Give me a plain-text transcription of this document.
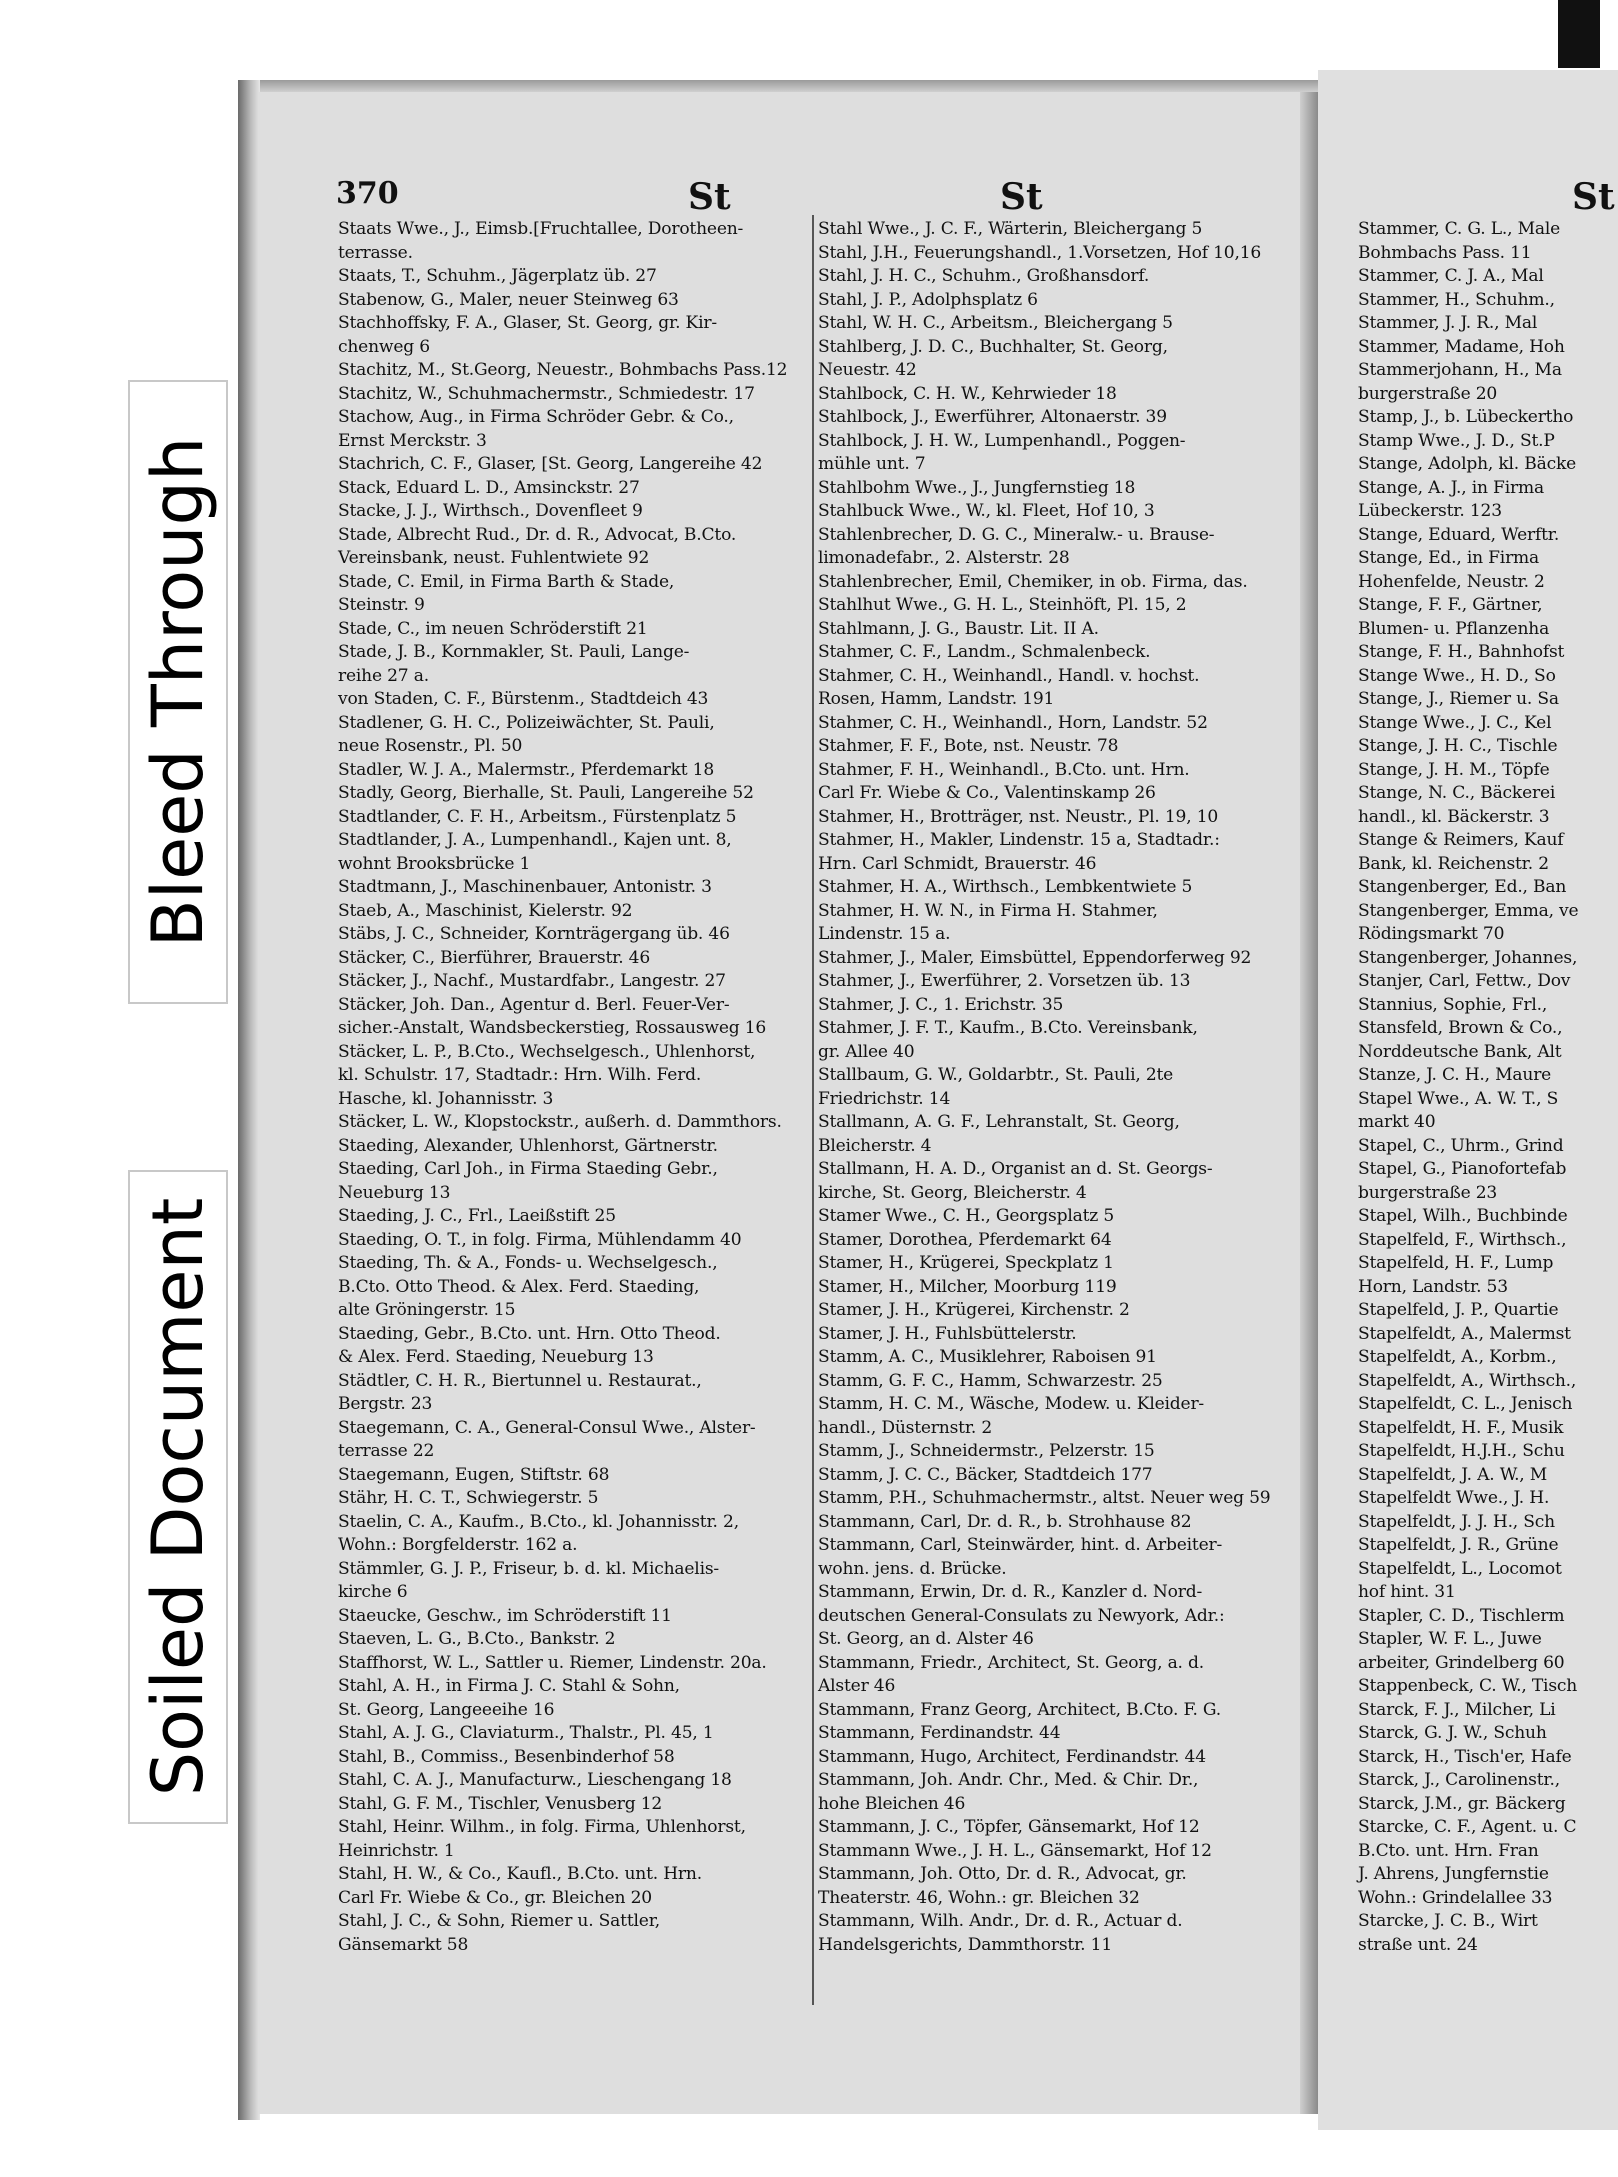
Bleed Through
Soiled Document
370	St	St	St
Staats Wwe., J., Eimsb.[Fruchtallee, Dorotheen-
terrasse.
Staats, T., Schuhm., Jägerplatz üb. 27
Stabenow, G., Maler, neuer Steinweg 63
Stachhoffsky, F. A., Glaser, St. Georg, gr. Kir-
chenweg 6
Stachitz, M., St.Georg, Neuestr., Bohmbachs Pass.12
Stachitz, W., Schuhmachermstr., Schmiedestr. 17
Stachow, Aug., in Firma Schröder Gebr. & Co.,
Ernst Merckstr. 3
Stachrich, C. F., Glaser, [St. Georg, Langereihe 42
Stack, Eduard L. D., Amsinckstr. 27
Stacke, J. J., Wirthsch., Dovenfleet 9
Stade, Albrecht Rud., Dr. d. R., Advocat, B.Cto.
Vereinsbank, neust. Fuhlentwiete 92
Stade, C. Emil, in Firma Barth & Stade,
Steinstr. 9
Stade, C., im neuen Schröderstift 21
Stade, J. B., Kornmakler, St. Pauli, Lange-
reihe 27 a.
von Staden, C. F., Bürstenm., Stadtdeich 43
Stadlener, G. H. C., Polizeiwächter, St. Pauli,
neue Rosenstr., Pl. 50
Stadler, W. J. A., Malermstr., Pferdemarkt 18
Stadly, Georg, Bierhalle, St. Pauli, Langereihe 52
Stadtlander, C. F. H., Arbeitsm., Fürstenplatz 5
Stadtlander, J. A., Lumpenhandl., Kajen unt. 8,
wohnt Brooksbrücke 1
Stadtmann, J., Maschinenbauer, Antonistr. 3
Staeb, A., Maschinist, Kielerstr. 92
Stäbs, J. C., Schneider, Kornträgergang üb. 46
Stäcker, C., Bierführer, Brauerstr. 46
Stäcker, J., Nachf., Mustardfabr., Langestr. 27
Stäcker, Joh. Dan., Agentur d. Berl. Feuer-Ver-
sicher.-Anstalt, Wandsbeckerstieg, Rossausweg 16
Stäcker, L. P., B.Cto., Wechselgesch., Uhlenhorst,
kl. Schulstr. 17, Stadtadr.: Hrn. Wilh. Ferd.
Hasche, kl. Johannisstr. 3
Stäcker, L. W., Klopstockstr., außerh. d. Dammthors.
Staeding, Alexander, Uhlenhorst, Gärtnerstr.
Staeding, Carl Joh., in Firma Staeding Gebr.,
Neueburg 13
Staeding, J. C., Frl., Laeißstift 25
Staeding, O. T., in folg. Firma, Mühlendamm 40
Staeding, Th. & A., Fonds- u. Wechselgesch.,
B.Cto. Otto Theod. & Alex. Ferd. Staeding,
alte Gröningerstr. 15
Staeding, Gebr., B.Cto. unt. Hrn. Otto Theod.
& Alex. Ferd. Staeding, Neueburg 13
Städtler, C. H. R., Biertunnel u. Restaurat.,
Bergstr. 23
Staegemann, C. A., General-Consul Wwe., Alster-
terrasse 22
Staegemann, Eugen, Stiftstr. 68
Stähr, H. C. T., Schwiegerstr. 5
Staelin, C. A., Kaufm., B.Cto., kl. Johannisstr. 2,
Wohn.: Borgfelderstr. 162 a.
Stämmler, G. J. P., Friseur, b. d. kl. Michaelis-
kirche 6
Staeucke, Geschw., im Schröderstift 11
Staeven, L. G., B.Cto., Bankstr. 2
Staffhorst, W. L., Sattler u. Riemer, Lindenstr. 20a.
Stahl, A. H., in Firma J. C. Stahl & Sohn,
St. Georg, Langeeeihe 16
Stahl, A. J. G., Claviaturm., Thalstr., Pl. 45, 1
Stahl, B., Commiss., Besenbinderhof 58
Stahl, C. A. J., Manufacturw., Lieschengang 18
Stahl, G. F. M., Tischler, Venusberg 12
Stahl, Heinr. Wilhm., in folg. Firma, Uhlenhorst,
Heinrichstr. 1
Stahl, H. W., & Co., Kaufl., B.Cto. unt. Hrn.
Carl Fr. Wiebe & Co., gr. Bleichen 20
Stahl, J. C., & Sohn, Riemer u. Sattler,
Gänsemarkt 58
Stahl Wwe., J. C. F., Wärterin, Bleichergang 5
Stahl, J.H., Feuerungshandl., 1.Vorsetzen, Hof 10,16
Stahl, J. H. C., Schuhm., Großhansdorf.
Stahl, J. P., Adolphsplatz 6
Stahl, W. H. C., Arbeitsm., Bleichergang 5
Stahlberg, J. D. C., Buchhalter, St. Georg,
Neuestr. 42
Stahlbock, C. H. W., Kehrwieder 18
Stahlbock, J., Ewerführer, Altonaerstr. 39
Stahlbock, J. H. W., Lumpenhandl., Poggen-
mühle unt. 7
Stahlbohm Wwe., J., Jungfernstieg 18
Stahlbuck Wwe., W., kl. Fleet, Hof 10, 3
Stahlenbrecher, D. G. C., Mineralw.- u. Brause-
limonadefabr., 2. Alsterstr. 28
Stahlenbrecher, Emil, Chemiker, in ob. Firma, das.
Stahlhut Wwe., G. H. L., Steinhöft, Pl. 15, 2
Stahlmann, J. G., Baustr. Lit. II A.
Stahmer, C. F., Landm., Schmalenbeck.
Stahmer, C. H., Weinhandl., Handl. v. hochst.
Rosen, Hamm, Landstr. 191
Stahmer, C. H., Weinhandl., Horn, Landstr. 52
Stahmer, F. F., Bote, nst. Neustr. 78
Stahmer, F. H., Weinhandl., B.Cto. unt. Hrn.
Carl Fr. Wiebe & Co., Valentinskamp 26
Stahmer, H., Brotträger, nst. Neustr., Pl. 19, 10
Stahmer, H., Makler, Lindenstr. 15 a, Stadtadr.:
Hrn. Carl Schmidt, Brauerstr. 46
Stahmer, H. A., Wirthsch., Lembkentwiete 5
Stahmer, H. W. N., in Firma H. Stahmer,
Lindenstr. 15 a.
Stahmer, J., Maler, Eimsbüttel, Eppendorferweg 92
Stahmer, J., Ewerführer, 2. Vorsetzen üb. 13
Stahmer, J. C., 1. Erichstr. 35
Stahmer, J. F. T., Kaufm., B.Cto. Vereinsbank,
gr. Allee 40
Stallbaum, G. W., Goldarbtr., St. Pauli, 2te
Friedrichstr. 14
Stallmann, A. G. F., Lehranstalt, St. Georg,
Bleicherstr. 4
Stallmann, H. A. D., Organist an d. St. Georgs-
kirche, St. Georg, Bleicherstr. 4
Stamer Wwe., C. H., Georgsplatz 5
Stamer, Dorothea, Pferdemarkt 64
Stamer, H., Krügerei, Speckplatz 1
Stamer, H., Milcher, Moorburg 119
Stamer, J. H., Krügerei, Kirchenstr. 2
Stamer, J. H., Fuhlsbüttelerstr.
Stamm, A. C., Musiklehrer, Raboisen 91
Stamm, G. F. C., Hamm, Schwarzestr. 25
Stamm, H. C. M., Wäsche, Modew. u. Kleider-
handl., Düsternstr. 2
Stamm, J., Schneidermstr., Pelzerstr. 15
Stamm, J. C. C., Bäcker, Stadtdeich 177
Stamm, P.H., Schuhmachermstr., altst. Neuer weg 59
Stammann, Carl, Dr. d. R., b. Strohhause 82
Stammann, Carl, Steinwärder, hint. d. Arbeiter-
wohn. jens. d. Brücke.
Stammann, Erwin, Dr. d. R., Kanzler d. Nord-
deutschen General-Consulats zu Newyork, Adr.:
St. Georg, an d. Alster 46
Stammann, Friedr., Architect, St. Georg, a. d.
Alster 46
Stammann, Franz Georg, Architect, B.Cto. F. G.
Stammann, Ferdinandstr. 44
Stammann, Hugo, Architect, Ferdinandstr. 44
Stammann, Joh. Andr. Chr., Med. & Chir. Dr.,
hohe Bleichen 46
Stammann, J. C., Töpfer, Gänsemarkt, Hof 12
Stammann Wwe., J. H. L., Gänsemarkt, Hof 12
Stammann, Joh. Otto, Dr. d. R., Advocat, gr.
Theaterstr. 46, Wohn.: gr. Bleichen 32
Stammann, Wilh. Andr., Dr. d. R., Actuar d.
Handelsgerichts, Dammthorstr. 11
Stammer, C. G. L., Male
Bohmbachs Pass. 11
Stammer, C. J. A., Mal
Stammer, H., Schuhm.,
Stammer, J. J. R., Mal
Stammer, Madame, Hoh
Stammerjohann, H., Ma
burgerstraße 20
Stamp, J., b. Lübeckertho
Stamp Wwe., J. D., St.P
Stange, Adolph, kl. Bäcke
Stange, A. J., in Firma
Lübeckerstr. 123
Stange, Eduard, Werftr.
Stange, Ed., in Firma
Hohenfelde, Neustr. 2
Stange, F. F., Gärtner,
Blumen- u. Pflanzenha
Stange, F. H., Bahnhofst
Stange Wwe., H. D., So
Stange, J., Riemer u. Sa
Stange Wwe., J. C., Kel
Stange, J. H. C., Tischle
Stange, J. H. M., Töpfe
Stange, N. C., Bäckerei
handl., kl. Bäckerstr. 3
Stange & Reimers, Kauf
Bank, kl. Reichenstr. 2
Stangenberger, Ed., Ban
Stangenberger, Emma, ve
Rödingsmarkt 70
Stangenberger, Johannes,
Stanjer, Carl, Fettw., Dov
Stannius, Sophie, Frl.,
Stansfeld, Brown & Co.,
Norddeutsche Bank, Alt
Stanze, J. C. H., Maure
Stapel Wwe., A. W. T., S
markt 40
Stapel, C., Uhrm., Grind
Stapel, G., Pianofortefab
burgerstraße 23
Stapel, Wilh., Buchbinde
Stapelfeld, F., Wirthsch.,
Stapelfeld, H. F., Lump
Horn, Landstr. 53
Stapelfeld, J. P., Quartie
Stapelfeldt, A., Malermst
Stapelfeldt, A., Korbm.,
Stapelfeldt, A., Wirthsch.,
Stapelfeldt, C. L., Jenisch
Stapelfeldt, H. F., Musik
Stapelfeldt, H.J.H., Schu
Stapelfeldt, J. A. W., M
Stapelfeldt Wwe., J. H.
Stapelfeldt, J. J. H., Sch
Stapelfeldt, J. R., Grüne
Stapelfeldt, L., Locomot
hof hint. 31
Stapler, C. D., Tischlerm
Stapler, W. F. L., Juwe
arbeiter, Grindelberg 60
Stappenbeck, C. W., Tisch
Starck, F. J., Milcher, Li
Starck, G. J. W., Schuh
Starck, H., Tisch'er, Hafe
Starck, J., Carolinenstr.,
Starck, J.M., gr. Bäckerg
Starcke, C. F., Agent. u. C
B.Cto. unt. Hrn. Fran
J. Ahrens, Jungfernstie
Wohn.: Grindelallee 33
Starcke, J. C. B., Wirt
straße unt. 24
